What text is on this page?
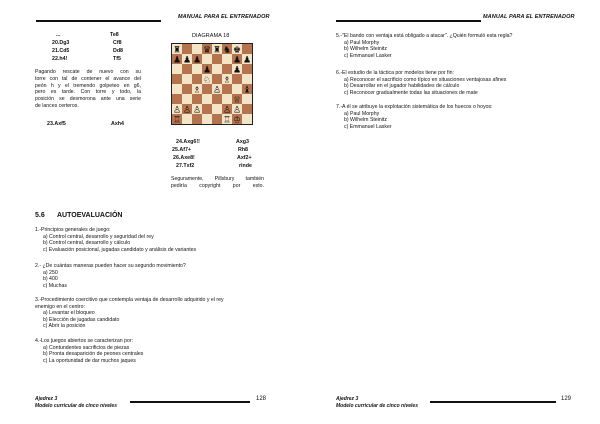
MANUAL PARA EL ENTRENADOR
...	Te8
20.Dg3	Cf8
21.Cd5	Dd8
22.h4!	Tf5
Pagando rescate de nuevo con su
torre con tal de contener el avance del
peón h y el tremendo golpeteo en g6,
pero es tarde. Con torre y todo, la
posición se desmorona ante una serie
de lances certeros.
23.Axf5	Axh4
DIAGRAMA 18
♜	♜ ♚
♞
♟ ♟ ♟	♟ ♟
♟ ♟
♛
♗
♝
♘
♙
♗
♕
♙ ♙ ♙ ♙ ♙
♖	♖ ♔
24.Axg6!!	Axg3
25.Af7+	Rh8
26.Axe8!	Axf2+
27.Txf2	rinde
Seguramente, Pillsbury también
pediría copyright por esto.
5.6 AUTOEVALUACIÓN
1.-Principios generales de juego:
a) Control central, desarrollo y seguridad del rey
b) Control central, desarrollo y cálculo
c) Evaluación posicional, jugadas candidato y análisis de variantes
2.- ¿De cuántas maneras pueden hacer su segundo movimiento?
a) 250
b) 400
c) Muchas
3.-Procedimiento coercitivo que contempla ventaja de desarrollo adquirido y el rey
enemigo en el centro:
a) Levantar el bloqueo
b) Elección de jugadas candidato
c) Abrir la posición
4.-Los juegos abiertos se caracterizan por:
a) Contundentes sacrificios de piezas
b) Pronta desaparición de peones centrales
c) La oportunidad de dar muchos jaques
Ajedrez 3
Modelo curricular de cinco niveles
128
MANUAL PARA EL ENTRENADOR
5.-"El bando con ventaja está obligado a atacar". ¿Quién formuló esta regla?
a) Paul Morphy
b) Wilhelm Steinitz
c) Emmanuel Lasker
6.-El estudio de la táctica por modelos tiene por fin:
a) Reconocer el sacrificio como típico en situaciones ventajosas afines
b) Desarrollar en el jugador habilidades de cálculo
c) Reconocer gradualmente todas las situaciones de mate
7.-A él se atribuye la explotación sistemática de los huecos o hoyos:
a) Paul Morphy
b) Wilhelm Steinitz
c) Emmanuel Lasker
Ajedrez 3
Modelo curricular de cinco niveles
129
